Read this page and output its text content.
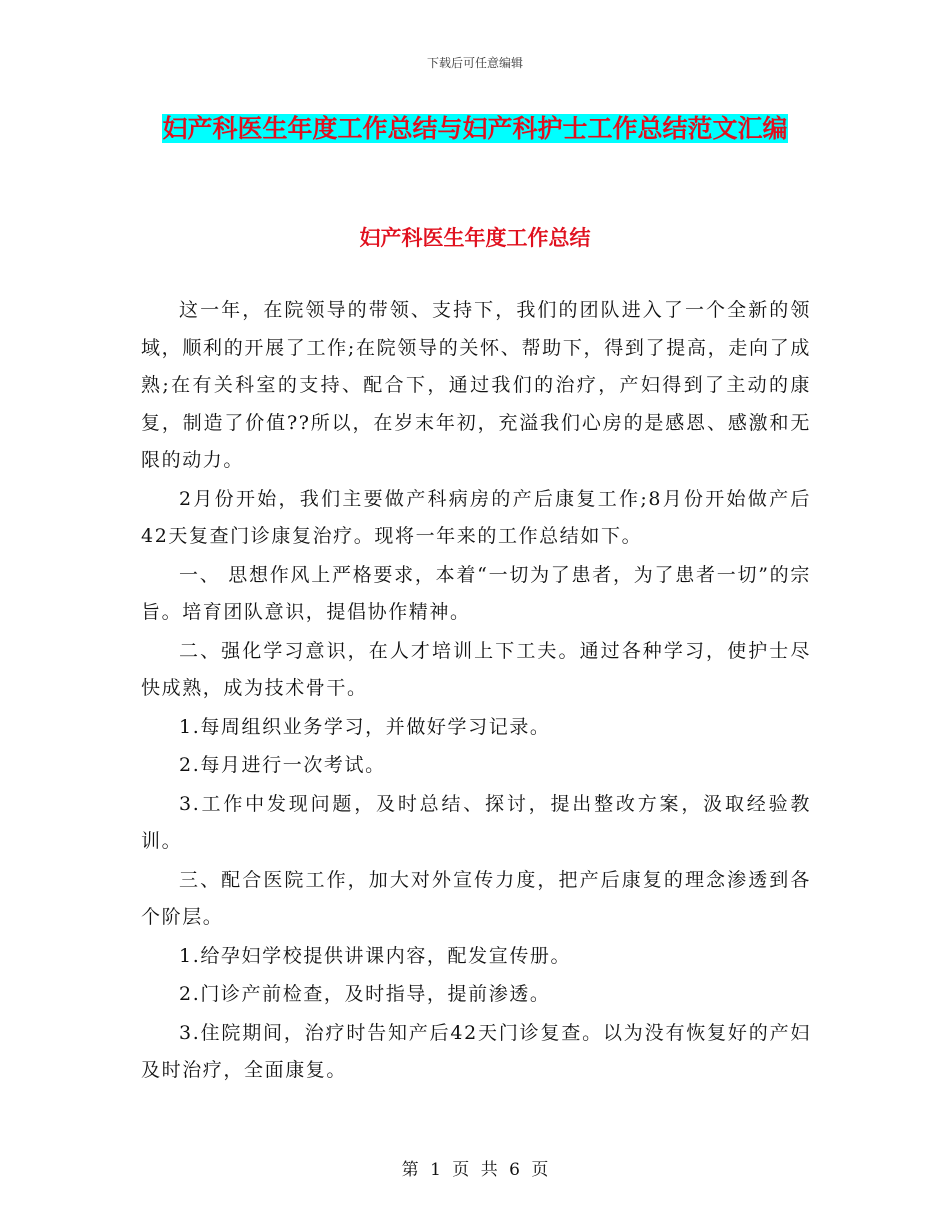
下载后可任意编辑
妇产科医生年度工作总结与妇产科护士工作总结范文汇编
妇产科医生年度工作总结

这一年，在院领导的带领、支持下，我们的团队进入了一个全新的领域，顺利的开展了工作;在院领导的关怀、帮助下，得到了提高，走向了成熟;在有关科室的支持、配合下，通过我们的治疗，产妇得到了主动的康复，制造了价值??所以，在岁末年初，充溢我们心房的是感恩、感激和无限的动力。

2月份开始，我们主要做产科病房的产后康复工作;8月份开始做产后42天复查门诊康复治疗。现将一年来的工作总结如下。

一、 思想作风上严格要求，本着“一切为了患者，为了患者一切”的宗旨。培育团队意识，提倡协作精神。

二、强化学习意识，在人才培训上下工夫。通过各种学习，使护士尽快成熟，成为技术骨干。

1.每周组织业务学习，并做好学习记录。

2.每月进行一次考试。

3.工作中发现问题，及时总结、探讨，提出整改方案，汲取经验教训。

三、配合医院工作，加大对外宣传力度，把产后康复的理念渗透到各个阶层。

1.给孕妇学校提供讲课内容，配发宣传册。

2.门诊产前检查，及时指导，提前渗透。

3.住院期间，治疗时告知产后42天门诊复查。以为没有恢复好的产妇及时治疗，全面康复。

第 1 页 共 6 页
